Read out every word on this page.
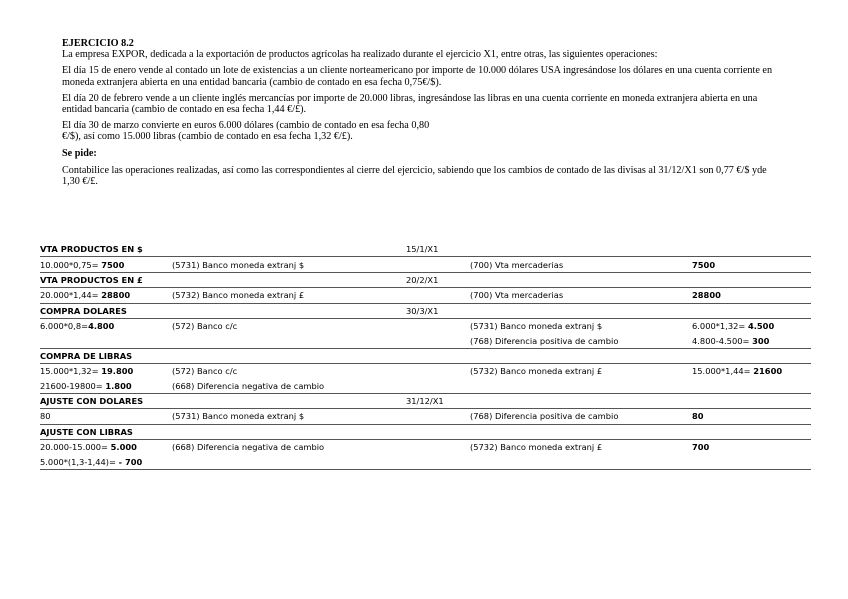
EJERCICIO 8.2

La empresa EXPOR, dedicada a la exportación de productos agrícolas ha realizado durante el ejercicio X1, entre otras, las siguientes operaciones:

El día 15 de enero vende al contado un lote de existencias a un cliente norteamericano por importe de 10.000 dólares USA ingresándose los dólares en una cuenta corriente en moneda extranjera abierta en una entidad bancaria (cambio de contado en esa fecha 0,75€/$).

El día 20 de febrero vende a un cliente inglés mercancías por importe de 20.000 libras, ingresándose las libras en una cuenta corriente en moneda extranjera abierta en una entidad bancaria (cambio de contado en esa fecha 1,44 €/£).

El día 30 de marzo convierte en euros 6.000 dólares (cambio de contado en esa fecha 0,80
€/$), así como 15.000 libras (cambio de contado en esa fecha 1,32 €/£).

Se pide:

Contabilice las operaciones realizadas, así como las correspondientes al cierre del ejercicio, sabiendo que los cambios de contado de las divisas al 31/12/X1 son 0,77 €/$ yde 1,30 €/£.

VTA PRODUCTOS EN $		15/1/X1		
10.000*0,75= 7500	(5731) Banco moneda extranj $		(700) Vta mercaderias	7500
VTA PRODUCTOS EN £		20/2/X1		
20.000*1,44= 28800	(5732) Banco moneda extranj £		(700) Vta mercaderias	28800
COMPRA DOLARES		30/3/X1		
6.000*0,8=4.800	(572) Banco c/c		(5731) Banco moneda extranj $	6.000*1,32= 4.500
			(768) Diferencia positiva de cambio	4.800-4.500= 300
COMPRA DE LIBRAS				
15.000*1,32= 19.800	(572) Banco c/c		(5732) Banco moneda extranj £	15.000*1,44= 21600
21600-19800= 1.800	(668) Diferencia negativa de cambio			
AJUSTE CON DOLARES		31/12/X1		
80	(5731) Banco moneda extranj $		(768) Diferencia positiva de cambio	80
AJUSTE CON LIBRAS				
20.000-15.000= 5.000	(668) Diferencia negativa de cambio		(5732) Banco moneda extranj £	700
5.000*(1,3-1,44)= - 700				
